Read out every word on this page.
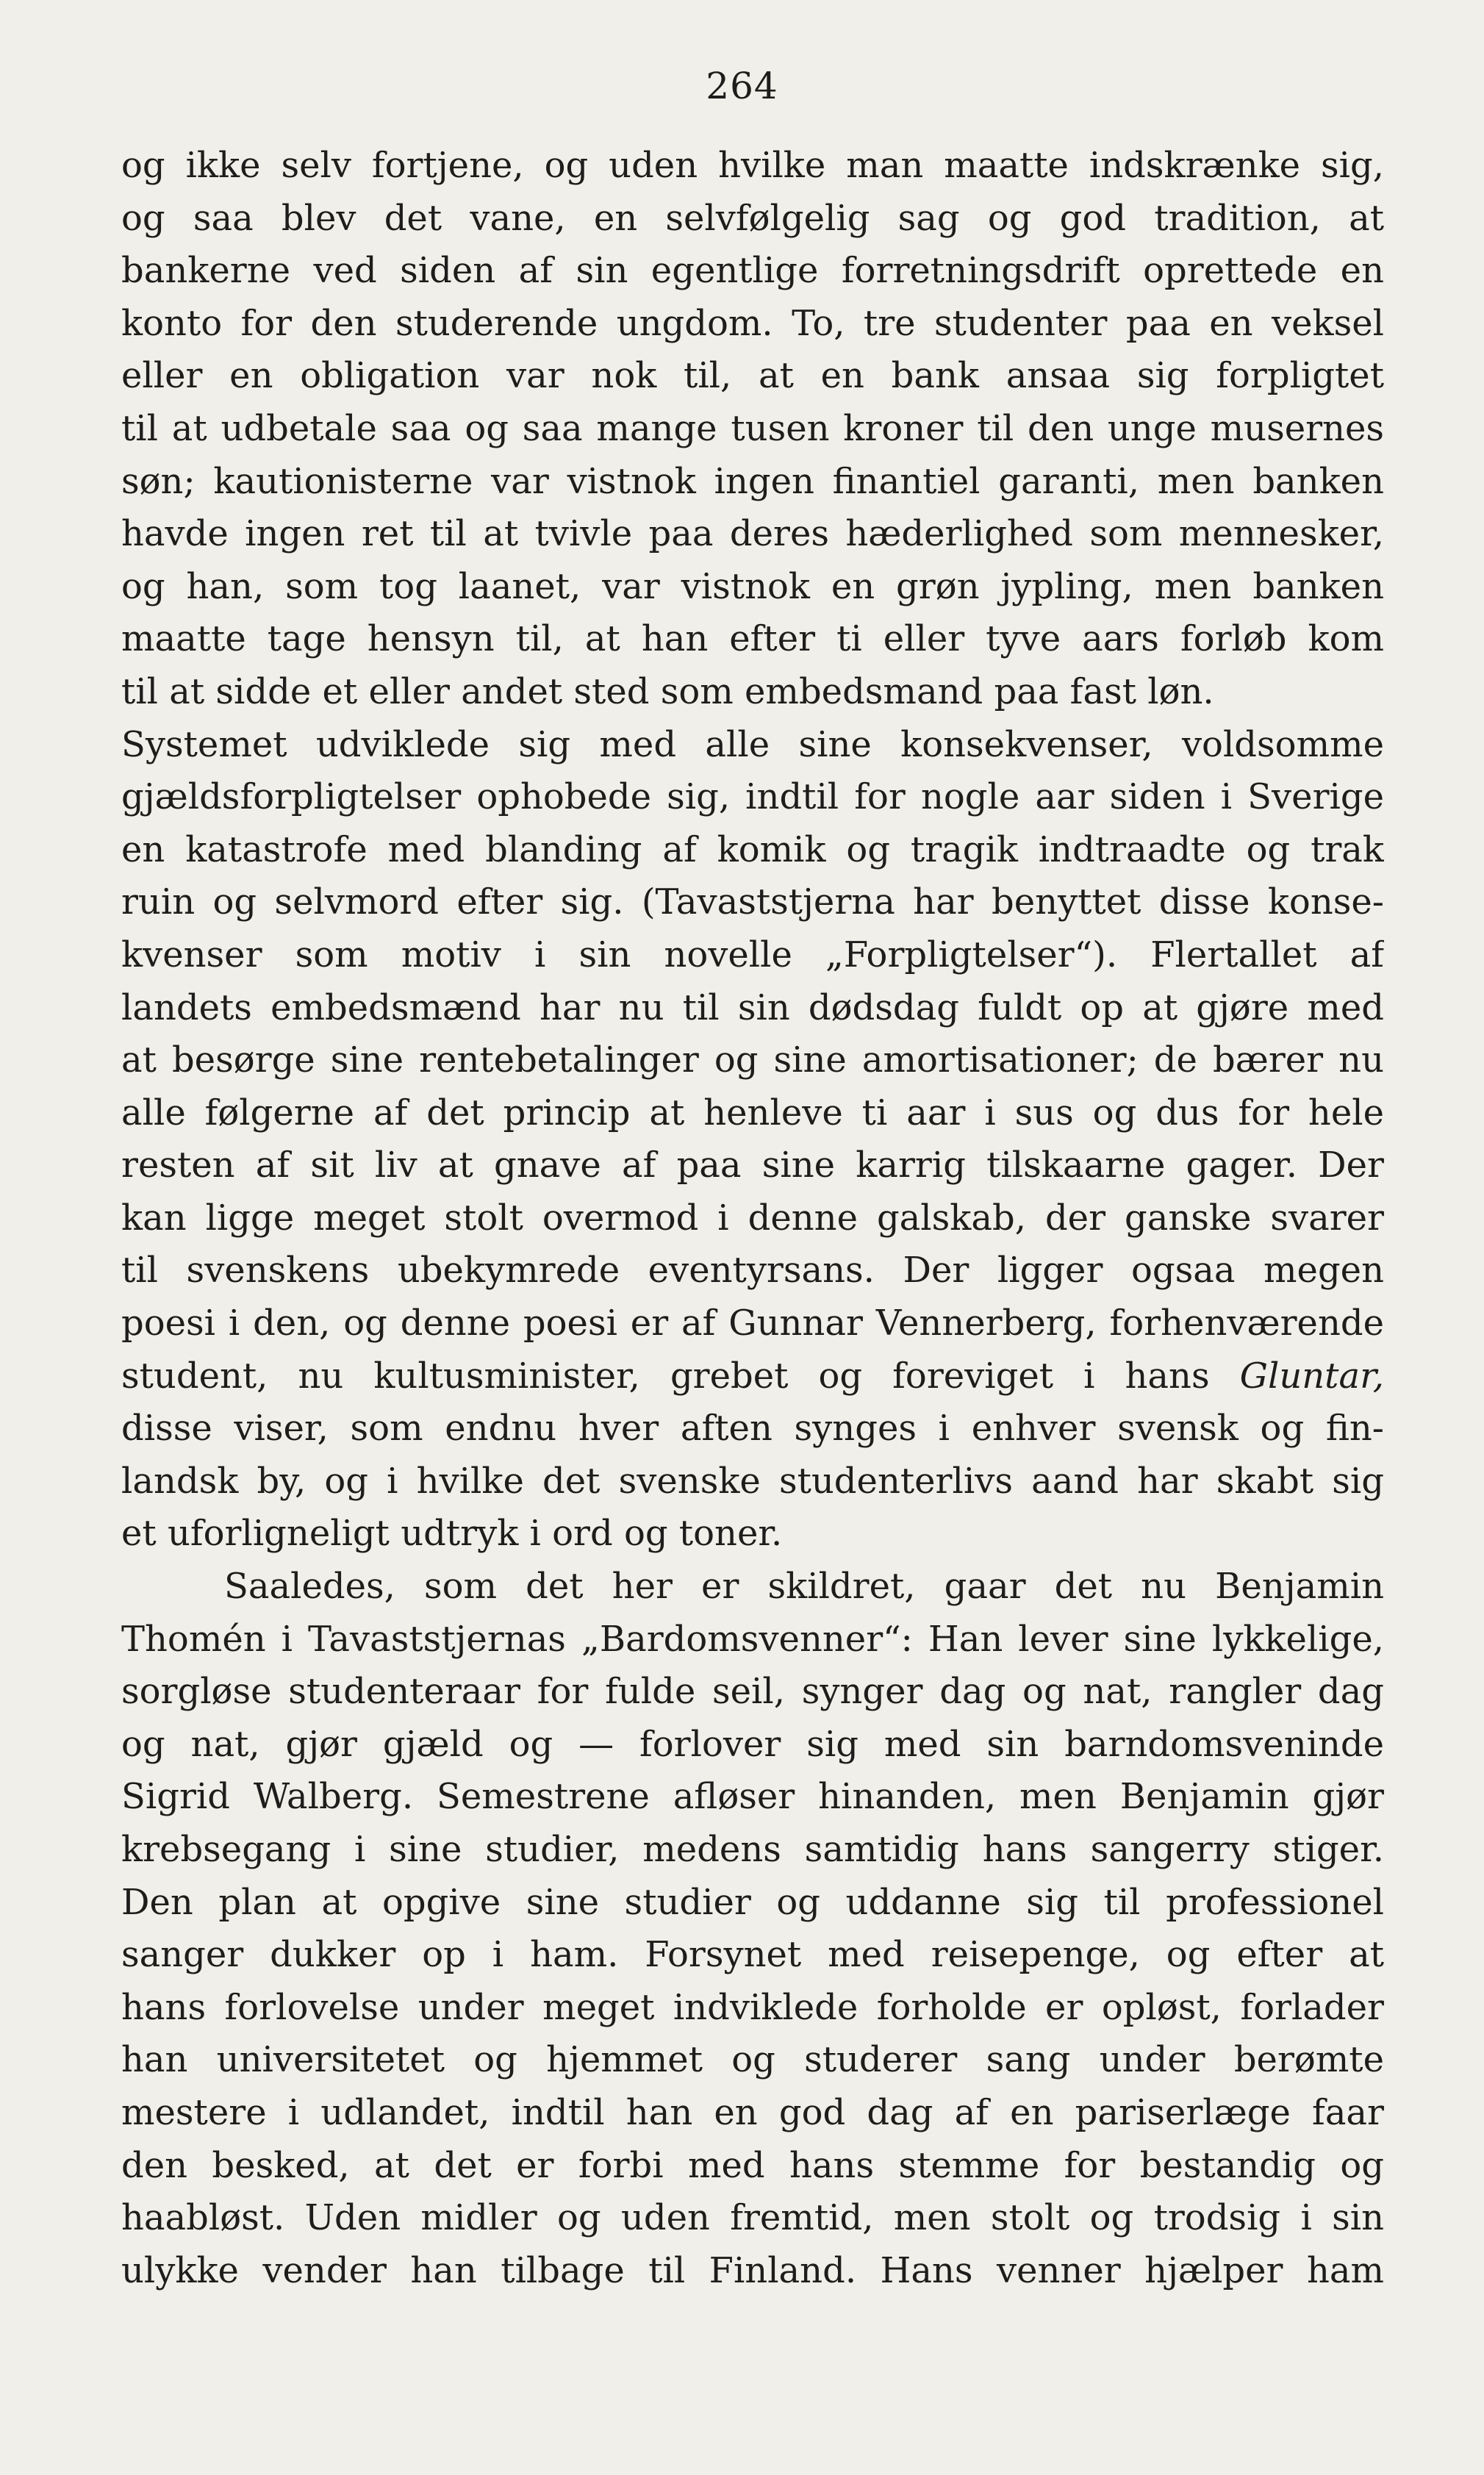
264
og ikke selv fortjene, og uden hvilke man maatte indskrænke sig,
og saa blev det vane, en selvfølgelig sag og god tradition, at
bankerne ved siden af sin egentlige forretningsdrift oprettede en
konto for den studerende ungdom. To, tre studenter paa en veksel
eller en obligation var nok til, at en bank ansaa sig forpligtet
til at udbetale saa og saa mange tusen kroner til den unge musernes
søn; kautionisterne var vistnok ingen finantiel garanti, men banken
havde ingen ret til at tvivle paa deres hæderlighed som mennesker,
og han, som tog laanet, var vistnok en grøn jypling, men banken
maatte tage hensyn til, at han efter ti eller tyve aars forløb kom
til at sidde et eller andet sted som embedsmand paa fast løn.
Systemet udviklede sig med alle sine konsekvenser, voldsomme
gjældsforpligtelser ophobede sig, indtil for nogle aar siden i Sverige
en katastrofe med blanding af komik og tragik indtraadte og trak
ruin og selvmord efter sig. (Tavaststjerna har benyttet disse konse-
kvenser som motiv i sin novelle „Forpligtelser“). Flertallet af
landets embedsmænd har nu til sin dødsdag fuldt op at gjøre med
at besørge sine rentebetalinger og sine amortisationer; de bærer nu
alle følgerne af det princip at henleve ti aar i sus og dus for hele
resten af sit liv at gnave af paa sine karrig tilskaarne gager. Der
kan ligge meget stolt overmod i denne galskab, der ganske svarer
til svenskens ubekymrede eventyrsans. Der ligger ogsaa megen
poesi i den, og denne poesi er af Gunnar Vennerberg, forhenværende
student, nu kultusminister, grebet og foreviget i hans Gluntar,
disse viser, som endnu hver aften synges i enhver svensk og fin-
landsk by, og i hvilke det svenske studenterlivs aand har skabt sig
et uforligneligt udtryk i ord og toner.
Saaledes, som det her er skildret, gaar det nu Benjamin
Thomén i Tavaststjernas „Bardomsvenner“: Han lever sine lykkelige,
sorgløse studenteraar for fulde seil, synger dag og nat, rangler dag
og nat, gjør gjæld og — forlover sig med sin barndomsveninde
Sigrid Walberg. Semestrene afløser hinanden, men Benjamin gjør
krebsegang i sine studier, medens samtidig hans sangerry stiger.
Den plan at opgive sine studier og uddanne sig til professionel
sanger dukker op i ham. Forsynet med reisepenge, og efter at
hans forlovelse under meget indviklede forholde er opløst, forlader
han universitetet og hjemmet og studerer sang under berømte
mestere i udlandet, indtil han en god dag af en pariserlæge faar
den besked, at det er forbi med hans stemme for bestandig og
haabløst. Uden midler og uden fremtid, men stolt og trodsig i sin
ulykke vender han tilbage til Finland. Hans venner hjælper ham
